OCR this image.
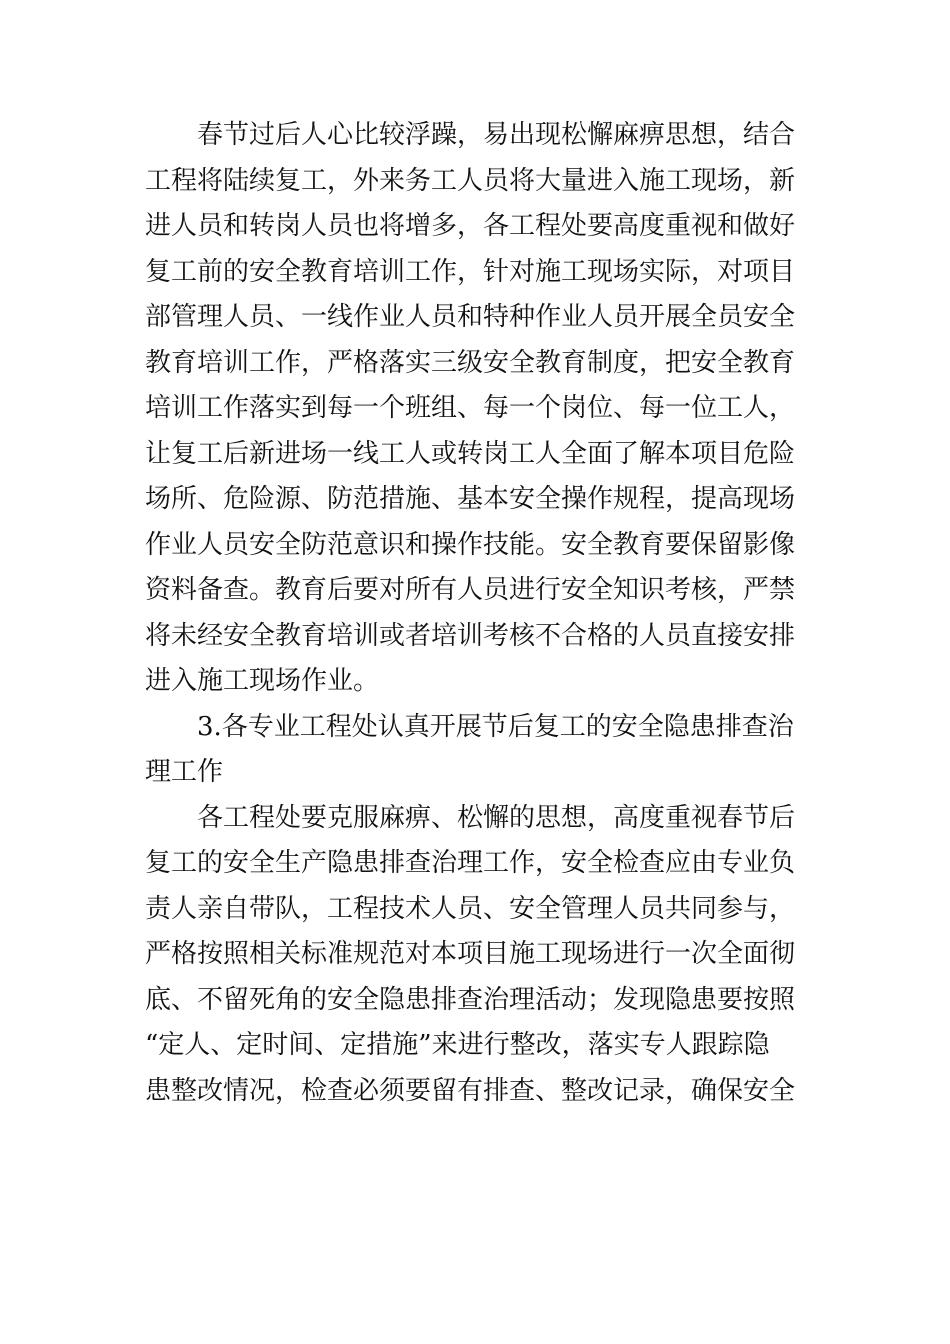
春节过后人心比较浮躁，易出现松懈麻痹思想，结合
工程将陆续复工，外来务工人员将大量进入施工现场，新
进人员和转岗人员也将增多，各工程处要高度重视和做好
复工前的安全教育培训工作，针对施工现场实际，对项目
部管理人员、一线作业人员和特种作业人员开展全员安全
教育培训工作，严格落实三级安全教育制度，把安全教育
培训工作落实到每一个班组、每一个岗位、每一位工人，
让复工后新进场一线工人或转岗工人全面了解本项目危险
场所、危险源、防范措施、基本安全操作规程，提高现场
作业人员安全防范意识和操作技能。安全教育要保留影像
资料备查。教育后要对所有人员进行安全知识考核，严禁
将未经安全教育培训或者培训考核不合格的人员直接安排
进入施工现场作业。
3.各专业工程处认真开展节后复工的安全隐患排查治
理工作
各工程处要克服麻痹、松懈的思想，高度重视春节后
复工的安全生产隐患排查治理工作，安全检查应由专业负
责人亲自带队，工程技术人员、安全管理人员共同参与，
严格按照相关标准规范对本项目施工现场进行一次全面彻
底、不留死角的安全隐患排查治理活动；发现隐患要按照
“定人、定时间、定措施”来进行整改，落实专人跟踪隐
患整改情况，检查必须要留有排查、整改记录，确保安全
